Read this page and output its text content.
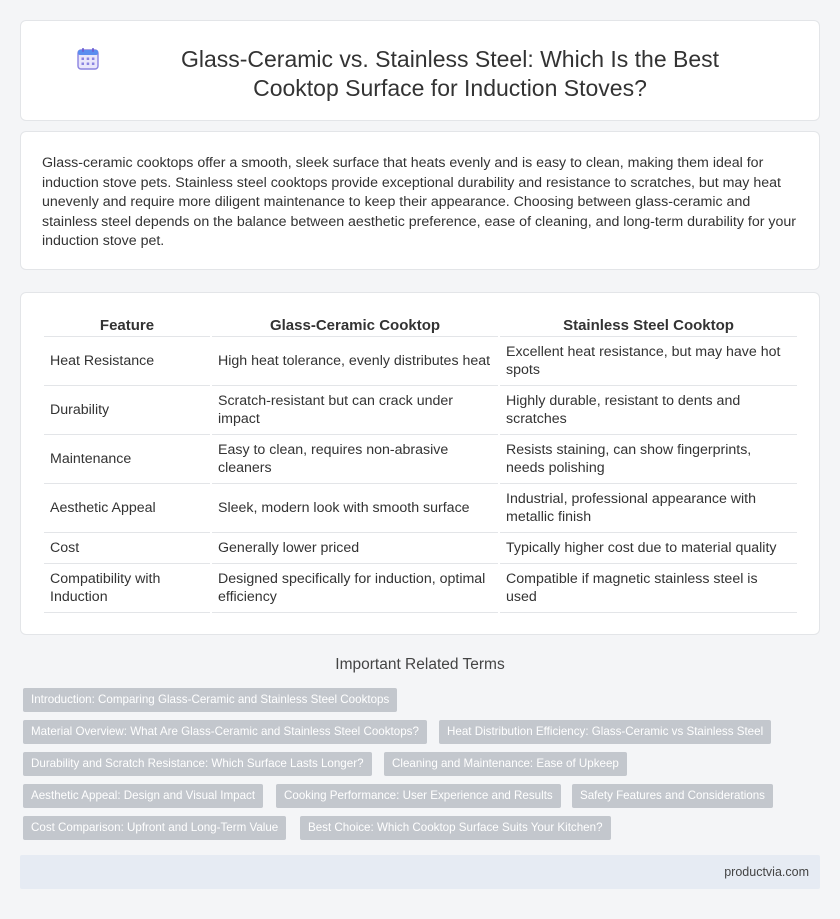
Glass-Ceramic vs. Stainless Steel: Which Is the Best Cooktop Surface for Induction Stoves?

Glass-ceramic cooktops offer a smooth, sleek surface that heats evenly and is easy to clean, making them ideal for induction stove pets. Stainless steel cooktops provide exceptional durability and resistance to scratches, but may heat unevenly and require more diligent maintenance to keep their appearance. Choosing between glass-ceramic and stainless steel depends on the balance between aesthetic preference, ease of cleaning, and long-term durability for your induction stove pet.

Feature	Glass-Ceramic Cooktop	Stainless Steel Cooktop
Heat Resistance	High heat tolerance, evenly distributes heat	Excellent heat resistance, but may have hot spots
Durability	Scratch-resistant but can crack under impact	Highly durable, resistant to dents and scratches
Maintenance	Easy to clean, requires non-abrasive cleaners	Resists staining, can show fingerprints, needs polishing
Aesthetic Appeal	Sleek, modern look with smooth surface	Industrial, professional appearance with metallic finish
Cost	Generally lower priced	Typically higher cost due to material quality
Compatibility with Induction	Designed specifically for induction, optimal efficiency	Compatible if magnetic stainless steel is used
Important Related Terms
Introduction: Comparing Glass-Ceramic and Stainless Steel Cooktops
Material Overview: What Are Glass-Ceramic and Stainless Steel Cooktops?	Heat Distribution Efficiency: Glass-Ceramic vs Stainless Steel
Durability and Scratch Resistance: Which Surface Lasts Longer?	Cleaning and Maintenance: Ease of Upkeep
Aesthetic Appeal: Design and Visual Impact	Cooking Performance: User Experience and Results	Safety Features and Considerations
Cost Comparison: Upfront and Long-Term Value	Best Choice: Which Cooktop Surface Suits Your Kitchen?
productvia.com
